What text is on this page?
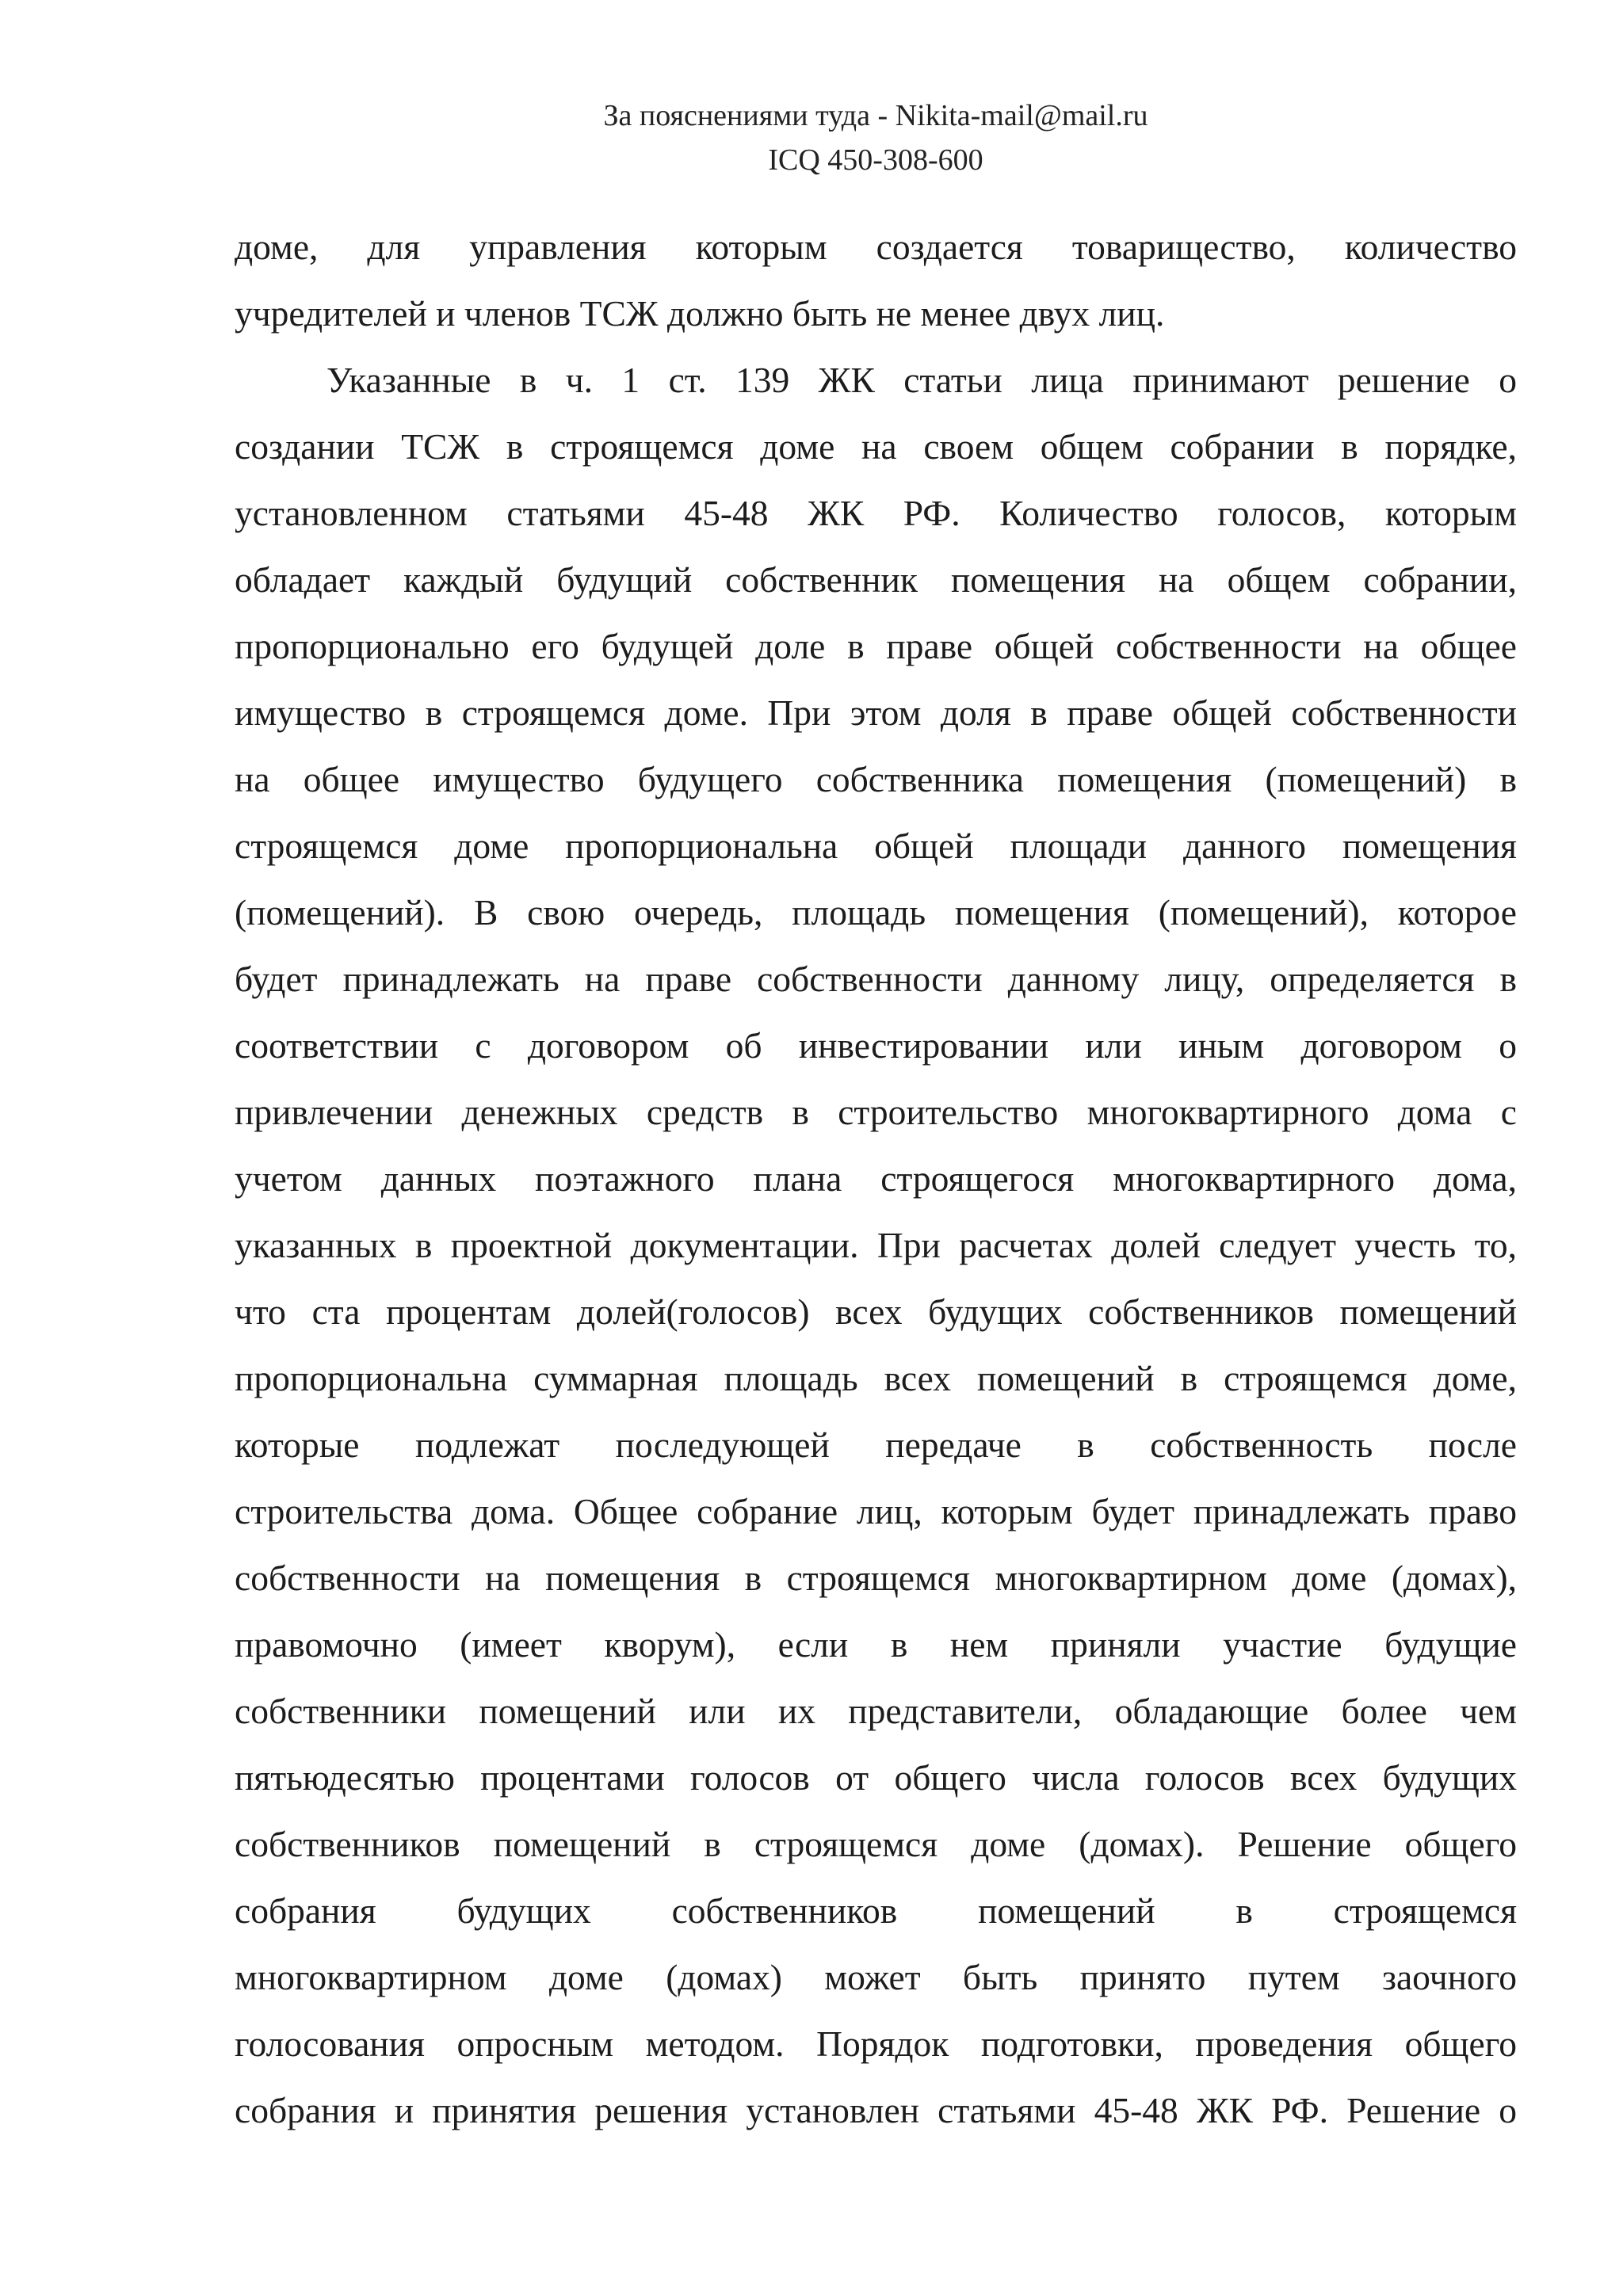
За пояснениями туда - Nikita-mail@mail.ru
ICQ 450-308-600
доме, для управления которым создается товарищество, количество
учредителей и членов ТСЖ должно быть не менее двух лиц.
Указанные в ч. 1 ст. 139 ЖК статьи лица принимают решение о
создании ТСЖ в строящемся доме на своем общем собрании в порядке,
установленном статьями 45-48 ЖК РФ. Количество голосов, которым
обладает каждый будущий собственник помещения на общем собрании,
пропорционально его будущей доле в праве общей собственности на общее
имущество в строящемся доме. При этом доля в праве общей собственности
на общее имущество будущего собственника помещения (помещений) в
строящемся доме пропорциональна общей площади данного помещения
(помещений). В свою очередь, площадь помещения (помещений), которое
будет принадлежать на праве собственности данному лицу, определяется в
соответствии с договором об инвестировании или иным договором о
привлечении денежных средств в строительство многоквартирного дома с
учетом данных поэтажного плана строящегося многоквартирного дома,
указанных в проектной документации. При расчетах долей следует учесть то,
что ста процентам долей(голосов) всех будущих собственников помещений
пропорциональна суммарная площадь всех помещений в строящемся доме,
которые подлежат последующей передаче в собственность после
строительства дома. Общее собрание лиц, которым будет принадлежать право
собственности на помещения в строящемся многоквартирном доме (домах),
правомочно (имеет кворум), если в нем приняли участие будущие
собственники помещений или их представители, обладающие более чем
пятьюдесятью процентами голосов от общего числа голосов всех будущих
собственников помещений в строящемся доме (домах). Решение общего
собрания будущих собственников помещений в строящемся
многоквартирном доме (домах) может быть принято путем заочного
голосования опросным методом. Порядок подготовки, проведения общего
собрания и принятия решения установлен статьями 45-48 ЖК РФ. Решение о
